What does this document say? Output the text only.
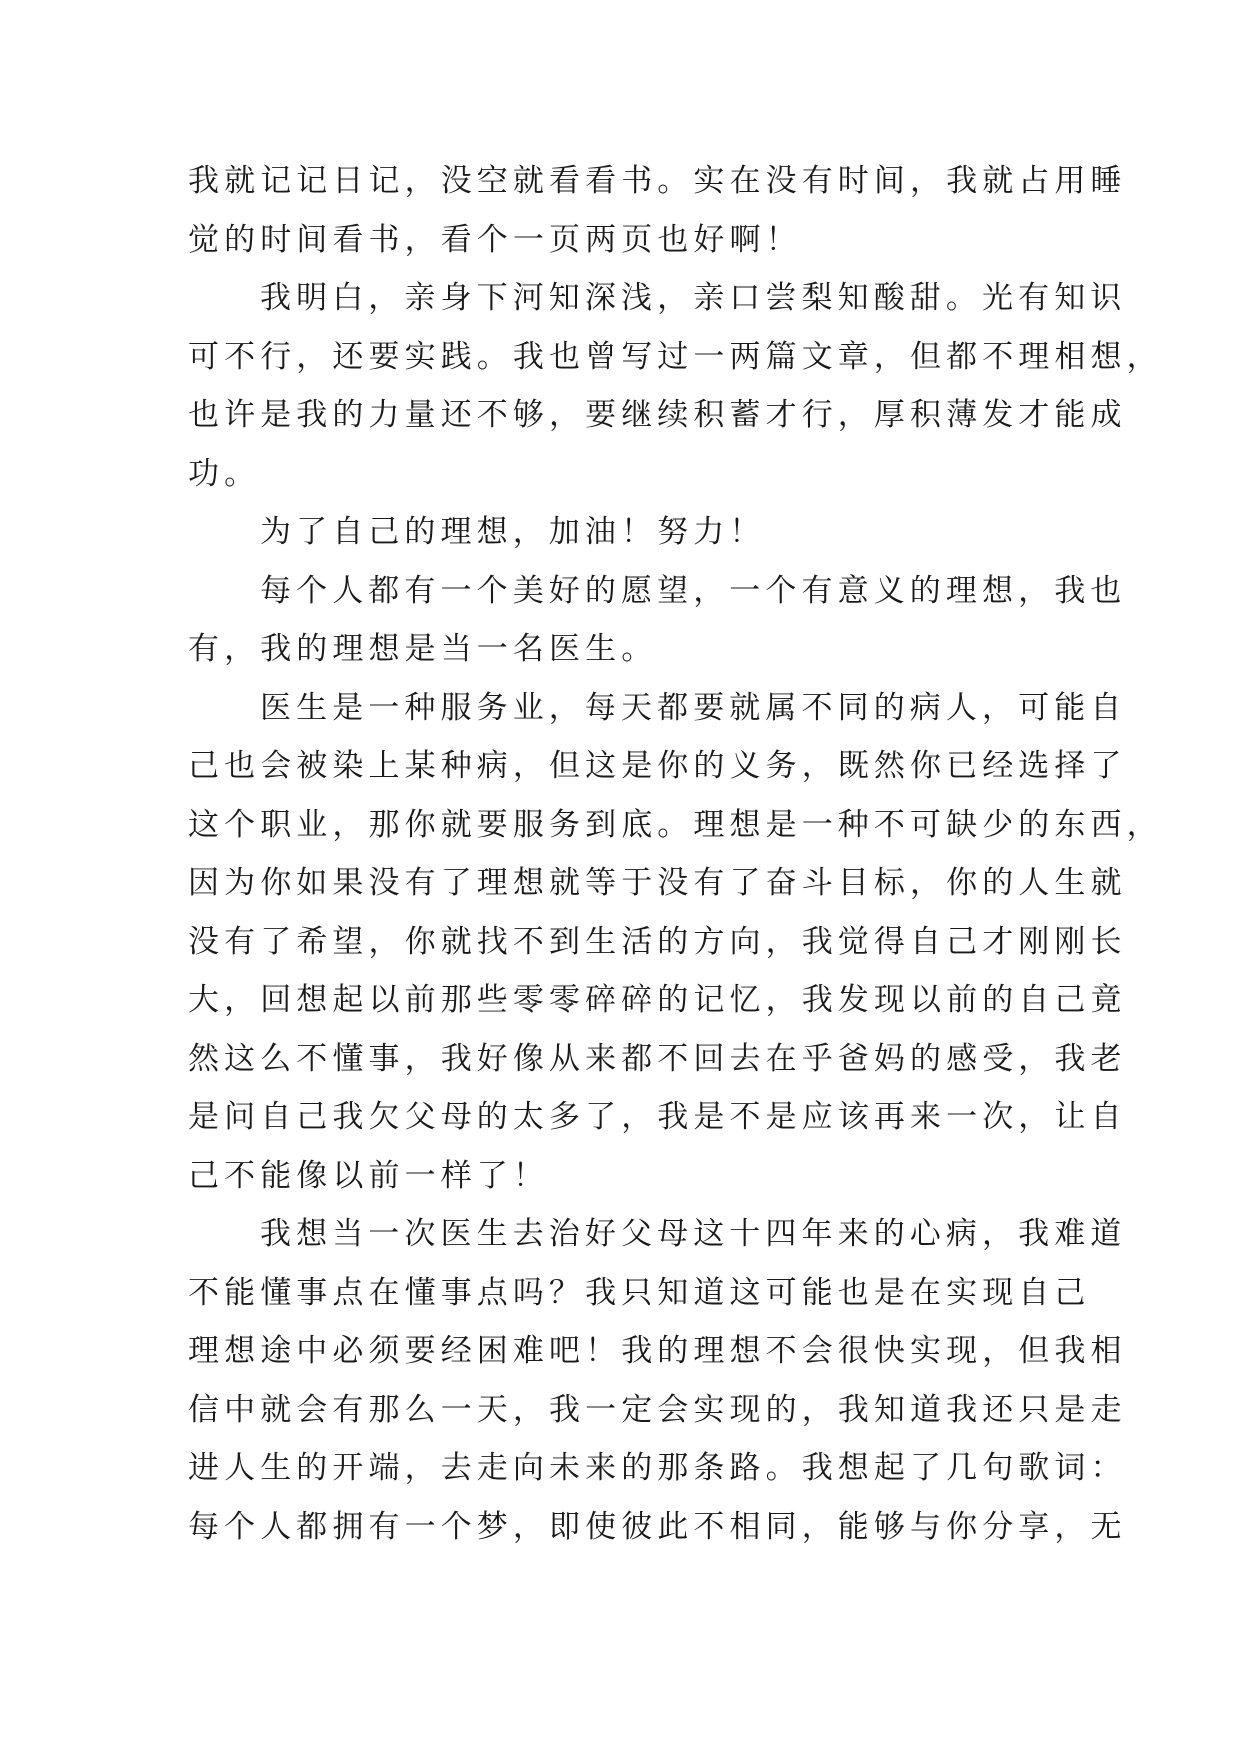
我就记记日记，没空就看看书。实在没有时间，我就占用睡
觉的时间看书，看个一页两页也好啊！
我明白，亲身下河知深浅，亲口尝梨知酸甜。光有知识
可不行，还要实践。我也曾写过一两篇文章，但都不理相想，
也许是我的力量还不够，要继续积蓄才行，厚积薄发才能成
功。
为了自己的理想，加油！努力！
每个人都有一个美好的愿望，一个有意义的理想，我也
有，我的理想是当一名医生。
医生是一种服务业，每天都要就属不同的病人，可能自
己也会被染上某种病，但这是你的义务，既然你已经选择了
这个职业，那你就要服务到底。理想是一种不可缺少的东西，
因为你如果没有了理想就等于没有了奋斗目标，你的人生就
没有了希望，你就找不到生活的方向，我觉得自己才刚刚长
大，回想起以前那些零零碎碎的记忆，我发现以前的自己竟
然这么不懂事，我好像从来都不回去在乎爸妈的感受，我老
是问自己我欠父母的太多了，我是不是应该再来一次，让自
己不能像以前一样了！
我想当一次医生去治好父母这十四年来的心病，我难道
不能懂事点在懂事点吗？我只知道这可能也是在实现自己
理想途中必须要经困难吧！我的理想不会很快实现，但我相
信中就会有那么一天，我一定会实现的，我知道我还只是走
进人生的开端，去走向未来的那条路。我想起了几句歌词：
每个人都拥有一个梦，即使彼此不相同，能够与你分享，无
